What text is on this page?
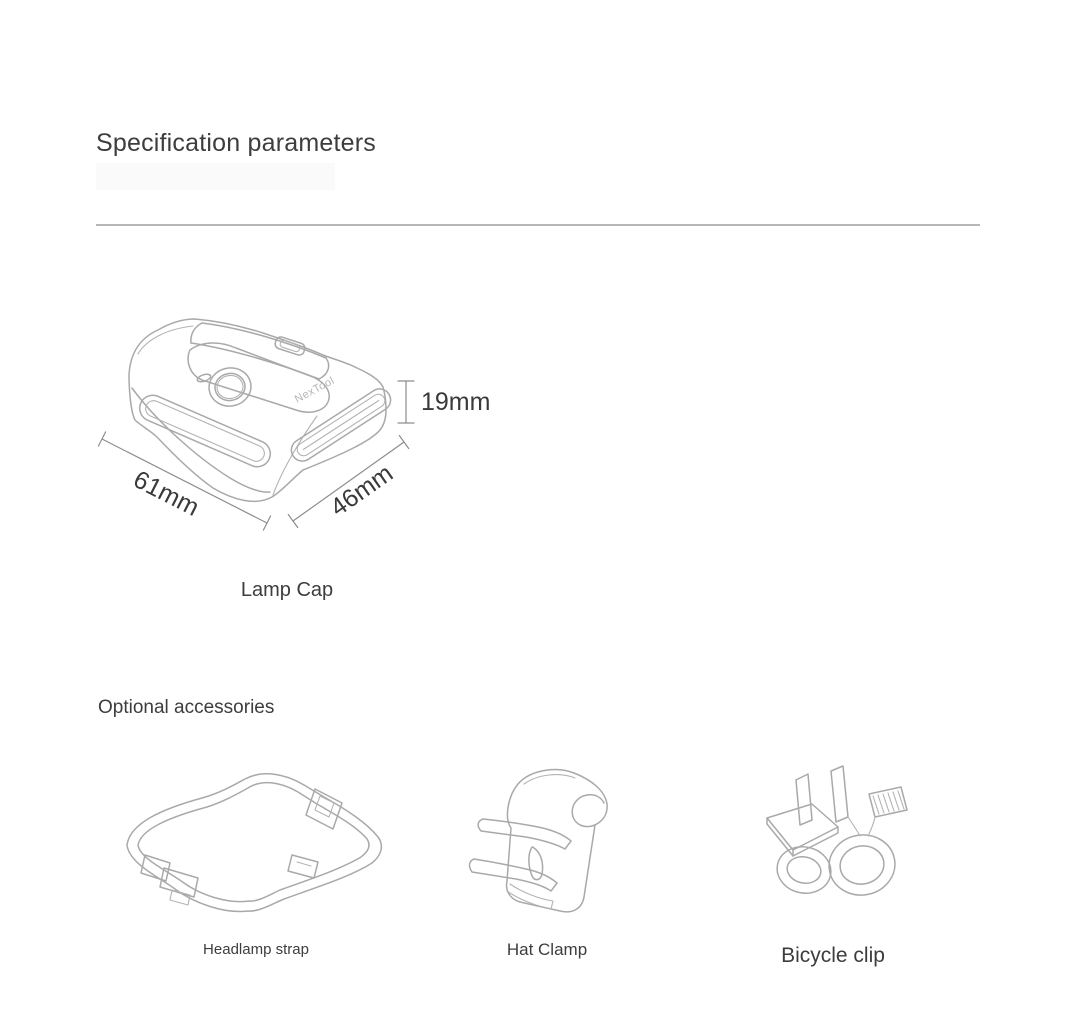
Specification parameters
NexTool	19mm
61mm	46mm
Lamp Cap
Optional accessories
Headlamp strap	Hat Clamp	Bicycle clip
